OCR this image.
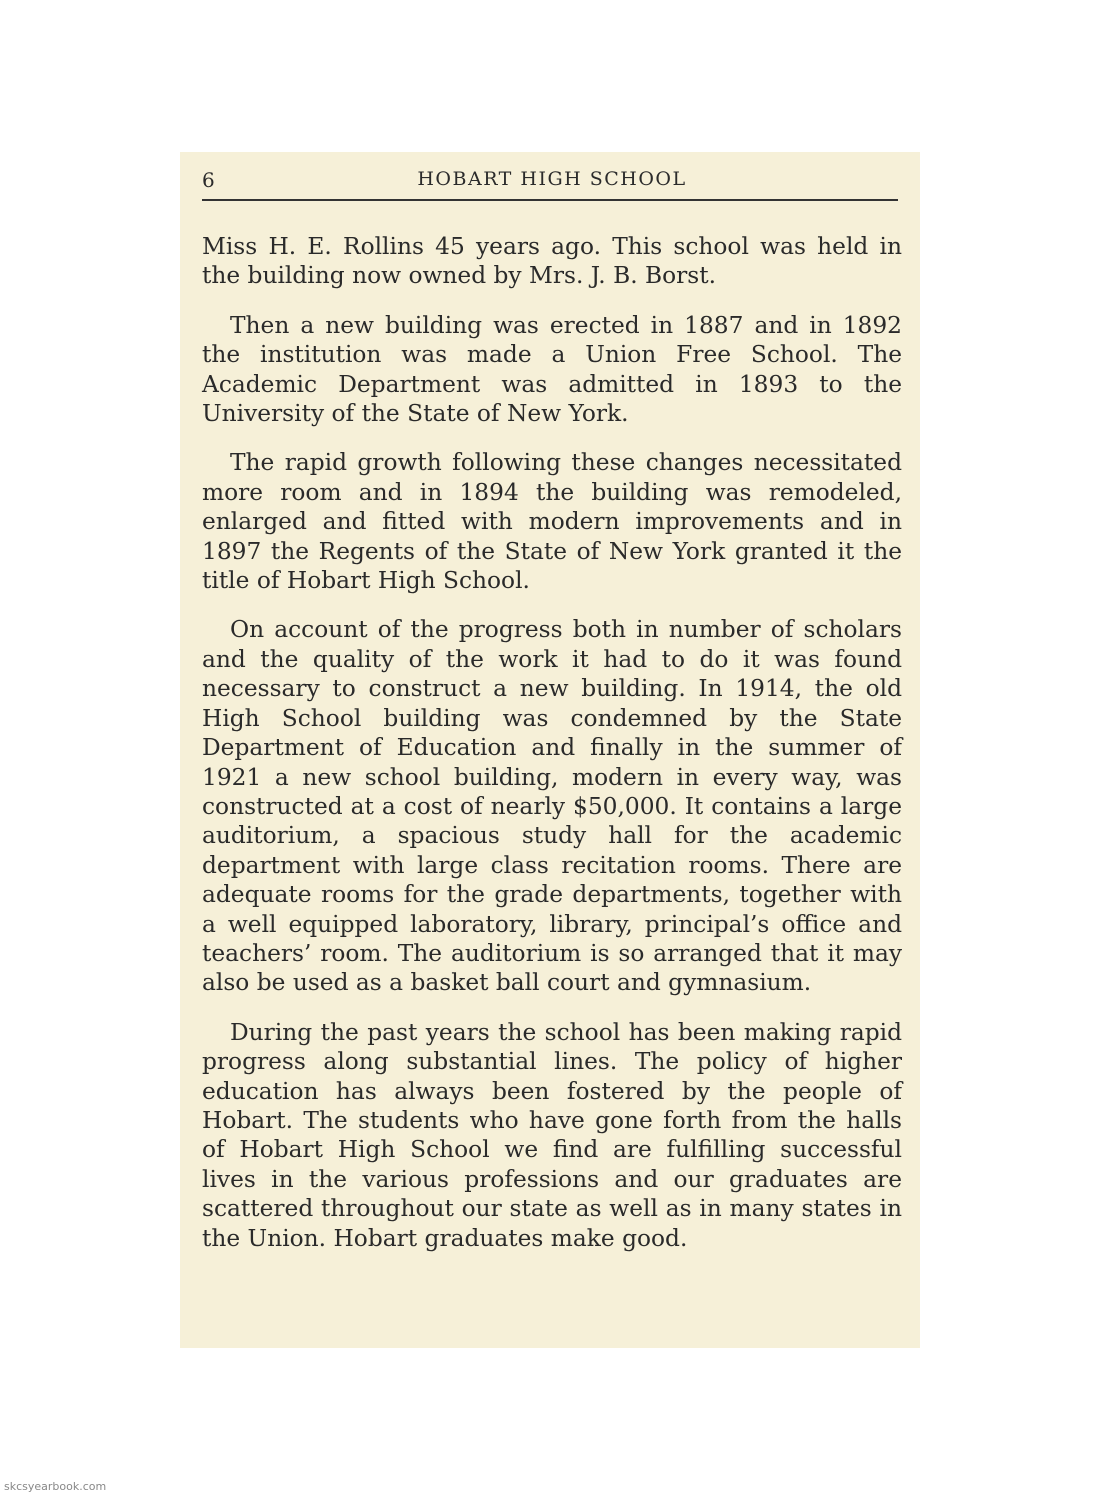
6	HOBART HIGH SCHOOL

Miss H. E. Rollins 45 years ago. This school was held in the building now owned by Mrs. J. B. Borst.

Then a new building was erected in 1887 and in 1892 the institution was made a Union Free School. The Academic Department was admitted in 1893 to the University of the State of New York.

The rapid growth following these changes necessitated more room and in 1894 the building was remodeled, enlarged and fitted with modern improvements and in 1897 the Regents of the State of New York granted it the title of Hobart High School.

On account of the progress both in number of scholars and the quality of the work it had to do it was found necessary to construct a new building. In 1914, the old High School building was condemned by the State Department of Education and finally in the summer of 1921 a new school building, modern in every way, was constructed at a cost of nearly $50,000. It contains a large auditorium, a spacious study hall for the academic department with large class recitation rooms. There are adequate rooms for the grade departments, together with a well equipped laboratory, library, principal’s office and teachers’ room. The auditorium is so arranged that it may also be used as a basket ball court and gymnasium.

During the past years the school has been making rapid progress along substantial lines. The policy of higher education has always been fostered by the people of Hobart. The students who have gone forth from the halls of Hobart High School we find are fulfilling successful lives in the various professions and our graduates are scattered throughout our state as well as in many states in the Union. Hobart graduates make good.

skcsyearbook.com
